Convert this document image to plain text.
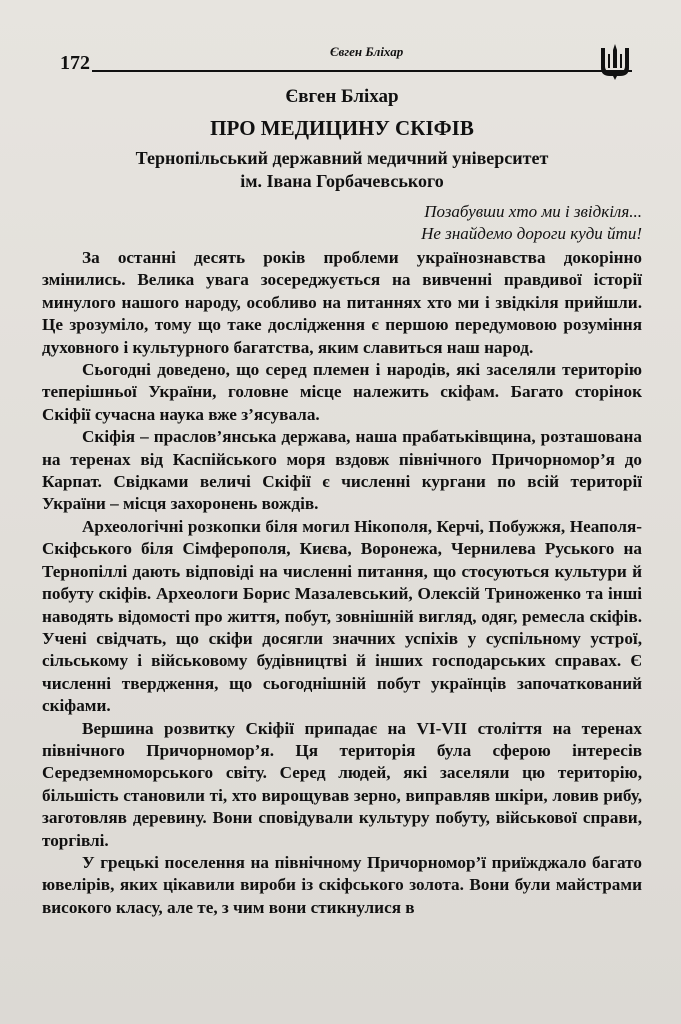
172
Євген Бліхар
Євген Бліхар
ПРО МЕДИЦИНУ СКІФІВ
Тернопільський державний медичний університет
ім. Івана Горбачевського
Позабувши хто ми і звідкіля...
Не знайдемо дороги куди йти!

За останні десять років проблеми українознавства докорінно змінились. Велика увага зосереджується на вивченні правдивої історії минулого нашого народу, особливо на питаннях хто ми і звідкіля прийшли. Це зрозуміло, тому що таке дослідження є першою передумовою розуміння духовного і культурного багатства, яким славиться наш народ.

Сьогодні доведено, що серед племен і народів, які заселяли територію теперішньої України, головне місце належить скіфам. Багато сторінок Скіфії сучасна наука вже з’ясувала.

Скіфія – праслов’янська держава, наша прабатьківщина, розташована на теренах від Каспійського моря вздовж північного Причорномор’я до Карпат. Свідками величі Скіфії є численні кургани по всій території України – місця захоронень вождів.

Археологічні розкопки біля могил Нікополя, Керчі, Побужжя, Неаполя-Скіфського біля Сімферополя, Києва, Воронежа, Чернилева Руського на Тернопіллі дають відповіді на численні питання, що стосуються культури й побуту скіфів. Археологи Борис Мазалевський, Олексій Триноженко та інші наводять відомості про життя, побут, зовнішній вигляд, одяг, ремесла скіфів. Учені свідчать, що скіфи досягли значних успіхів у суспільному устрої, сільському і військовому будівництві й інших господарських справах. Є численні твердження, що сьогоднішній побут українців започаткований скіфами.

Вершина розвитку Скіфії припадає на VI-VII століття на теренах північного Причорномор’я. Ця територія була сферою інтересів Середземноморського світу. Серед людей, які заселяли цю територію, більшість становили ті, хто вирощував зерно, виправляв шкіри, ловив рибу, заготовляв деревину. Вони сповідували культуру побуту, військової справи, торгівлі.

У грецькі поселення на північному Причорномор’ї приїжджало багато ювелірів, яких цікавили вироби із скіфського золота. Вони були майстрами високого класу, але те, з чим вони стикнулися в
